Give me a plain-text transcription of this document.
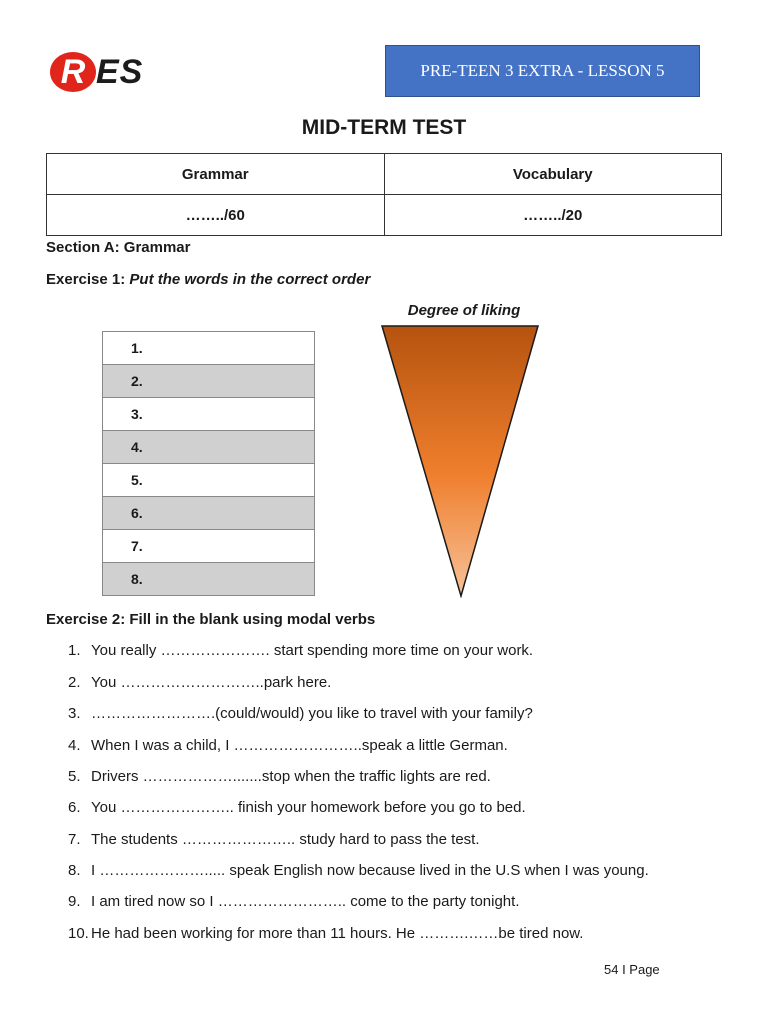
R ES	PRE-TEEN 3 EXTRA - LESSON 5
MID-TERM TEST
Grammar	Vocabulary
……../60	……../20
Section A: Grammar
Exercise 1: Put the words in the correct order
1.
2.
3.
4.
5.
6.
7.
8.
Degree of liking
Exercise 2: Fill in the blank using modal verbs
1. You really …………………. start spending more time on your work.
2. You ………………………..park here.
3. …………………….(could/would) you like to travel with your family?
4. When I was a child, I ……………………..speak a little German.
5. Drivers ……………….......stop when the traffic lights are red.
6. You ………………….. finish your homework before you go to bed.
7. The students ………………….. study hard to pass the test.
8. I …………………..... speak English now because lived in the U.S when I was young.
9. I am tired now so I …………………….. come to the party tonight.
10. He had been working for more than 11 hours. He ……….……be tired now.
54 I Page
